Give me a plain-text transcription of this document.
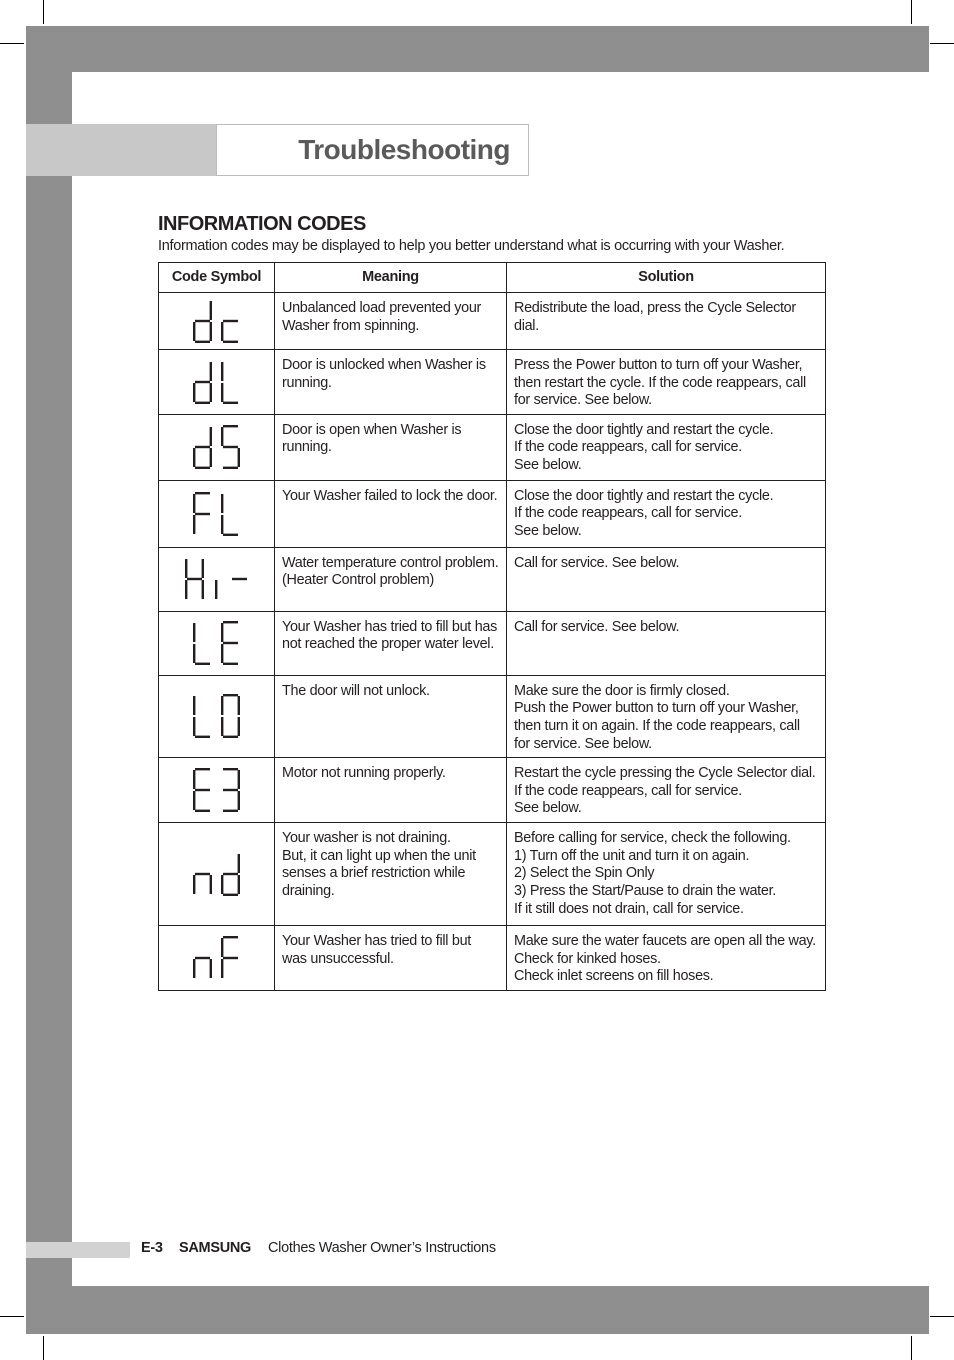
Troubleshooting
INFORMATION CODES
Information codes may be displayed to help you better understand what is occurring with your Washer.
Code Symbol	Meaning	Solution

Unbalanced load prevented your Washer from spinning.	Redistribute the load, press the Cycle Selector dial.

Door is unlocked when Washer is running.	Press the Power button to turn off your Washer, then restart the cycle. If the code reappears, call for service. See below.

Door is open when Washer is running.	Close the door tightly and restart the cycle.
If the code reappears, call for service.
See below.

Your Washer failed to lock the door.	Close the door tightly and restart the cycle.
If the code reappears, call for service.
See below.

Water temperature control problem.
(Heater Control problem)	Call for service. See below.

Your Washer has tried to fill but has not reached the proper water level.	Call for service. See below.

The door will not unlock.	Make sure the door is firmly closed.
Push the Power button to turn off your Washer, then turn it on again. If the code reappears, call for service. See below.

Motor not running properly.	Restart the cycle pressing the Cycle Selector dial. If the code reappears, call for service.
See below.

Your washer is not draining.
But, it can light up when the unit senses a brief restriction while draining.	Before calling for service, check the following.
1) Turn off the unit and turn it on again.
2) Select the Spin Only
3) Press the Start/Pause to drain the water.
If it still does not drain, call for service.

Your Washer has tried to fill but was unsuccessful.	Make sure the water faucets are open all the way. Check for kinked hoses.
Check inlet screens on fill hoses.
E-3 SAMSUNG Clothes Washer Owner’s Instructions
